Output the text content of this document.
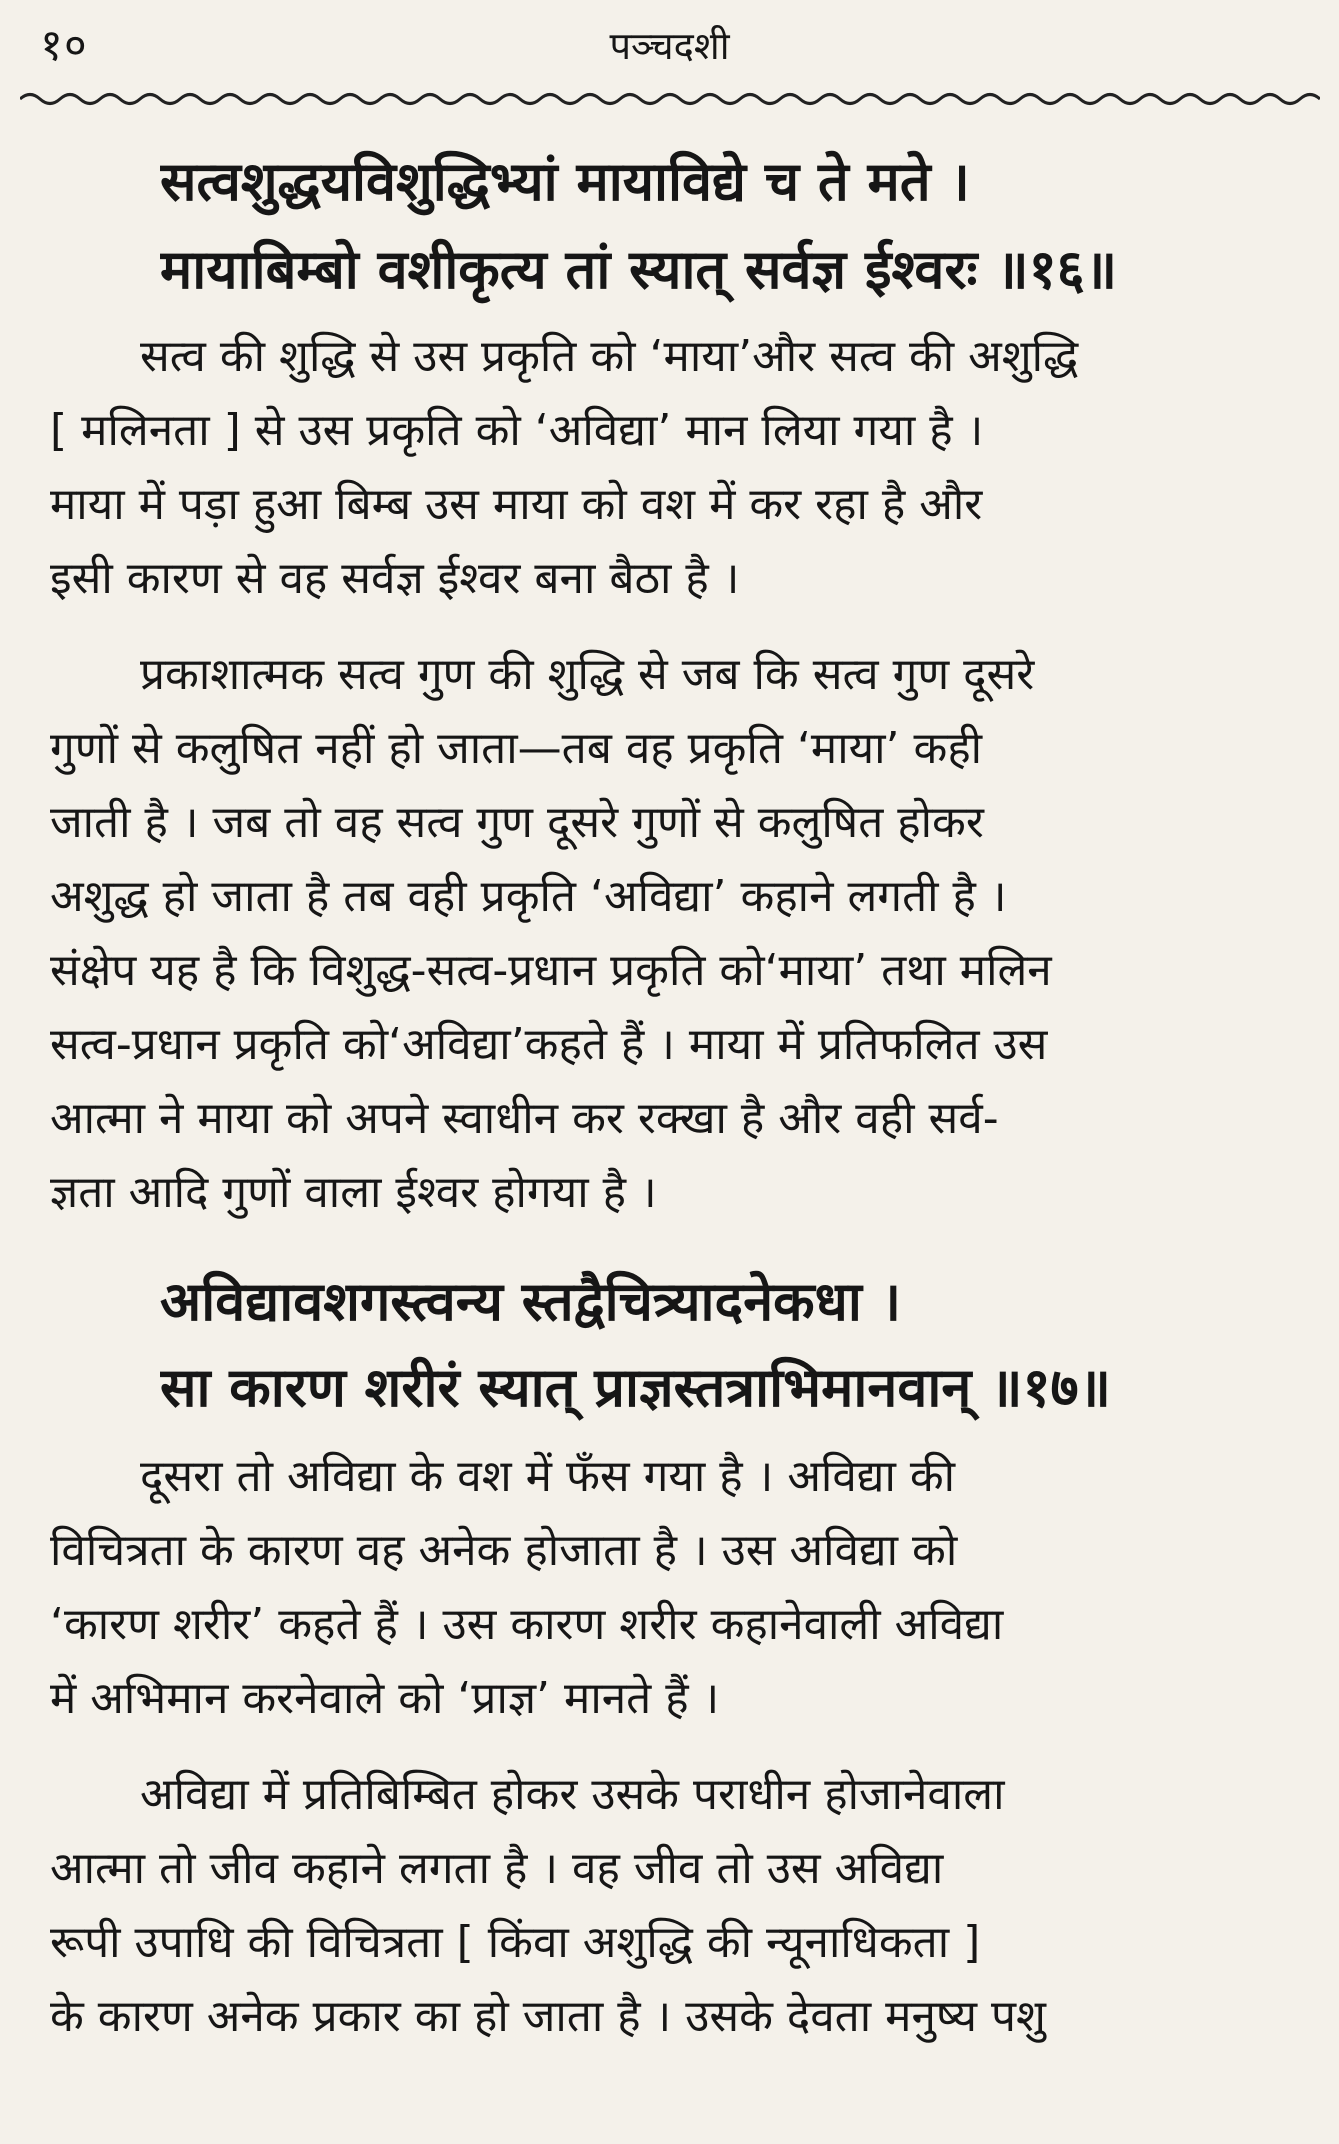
१०	पञ्चदशी
सत्वशुद्धयविशुद्धिभ्यां मायाविद्ये च ते मते ।
मायाबिम्बो वशीकृत्य तां स्यात् सर्वज्ञ ईश्वरः ॥१६॥
सत्व की शुद्धि से उस प्रकृति को ‘माया’और सत्व की अशुद्धि
[ मलिनता ] से उस प्रकृति को ‘अविद्या’ मान लिया गया है ।
माया में पड़ा हुआ बिम्ब उस माया को वश में कर रहा है और
इसी कारण से वह सर्वज्ञ ईश्वर बना बैठा है ।
प्रकाशात्मक सत्व गुण की शुद्धि से जब कि सत्व गुण दूसरे
गुणों से कलुषित नहीं हो जाता—तब वह प्रकृति ‘माया’ कही
जाती है । जब तो वह सत्व गुण दूसरे गुणों से कलुषित होकर
अशुद्ध हो जाता है तब वही प्रकृति ‘अविद्या’ कहाने लगती है ।
संक्षेप यह है कि विशुद्ध-सत्व-प्रधान प्रकृति को‘माया’ तथा मलिन
सत्व-प्रधान प्रकृति को‘अविद्या’कहते हैं । माया में प्रतिफलित उस
आत्मा ने माया को अपने स्वाधीन कर रक्खा है और वही सर्व-
ज्ञता आदि गुणों वाला ईश्वर होगया है ।
अविद्यावशगस्त्वन्य स्तद्वैचित्र्यादनेकधा ।
सा कारण शरीरं स्यात् प्राज्ञस्तत्राभिमानवान् ॥१७॥
दूसरा तो अविद्या के वश में फँस गया है । अविद्या की
विचित्रता के कारण वह अनेक होजाता है । उस अविद्या को
‘कारण शरीर’ कहते हैं । उस कारण शरीर कहानेवाली अविद्या
में अभिमान करनेवाले को ‘प्राज्ञ’ मानते हैं ।
अविद्या में प्रतिबिम्बित होकर उसके पराधीन होजानेवाला
आत्मा तो जीव कहाने लगता है । वह जीव तो उस अविद्या
रूपी उपाधि की विचित्रता [ किंवा अशुद्धि की न्यूनाधिकता ]
के कारण अनेक प्रकार का हो जाता है । उसके देवता मनुष्य पशु
